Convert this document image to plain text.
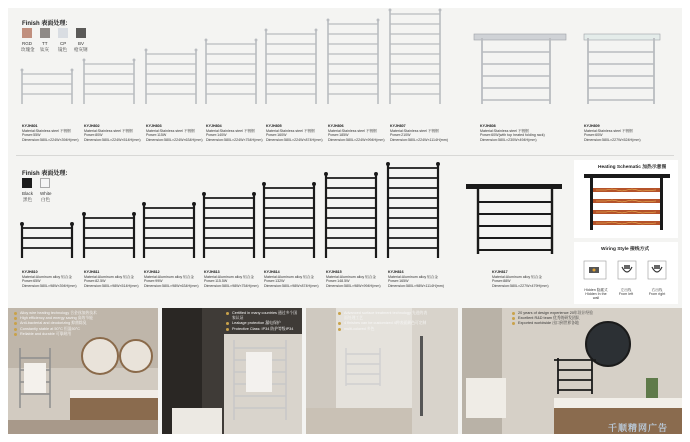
Finish 表面处理:
RGD TT	CP	BV
玫瑰金 钛灰 镜色 枪灰钢
KYJH801
Material:Stainless steel 不锈钢
Power:55W
Dimension:580L×224W×394H(mm)
KYJH802
Material:Stainless steel 不锈钢
Power:80W
Dimension:580L×224W×514H(mm)
KYJH803
Material:Stainless steel 不锈钢
Power:115W
Dimension:580L×224W×634H(mm)
KYJH804
Material:Stainless steel 不锈钢
Power:140W
Dimension:580L×224W×754H(mm)
KYJH805
Material:Stainless steel 不锈钢
Power:160W
Dimension:580L×224W×874H(mm)
KYJH806
Material:Stainless steel 不锈钢
Power:185W
Dimension:580L×224W×994H(mm)
KYJH807
Material:Stainless steel 不锈钢
Power:210W
Dimension:580L×224W×1114H(mm)
KYJH808
Material:Stainless steel 不锈钢
Power:60W(with top heated folding rack)
Dimension:580L×230W×494H(mm)
KYJH809
Material:Stainless steel 不锈钢
Power:60W
Dimension:580L×227W×524H(mm)
Finish 表面处理:
Black White
黑色 白色
KYJH810
Material:Aluminum alloy 铝合金
Power:65W
Dimension:580L×98W×394H(mm)
KYJH811
Material:Aluminum alloy 铝合金
Power:82.5W
Dimension:580L×98W×514H(mm)
KYJH812
Material:Aluminum alloy 铝合金
Power:99W
Dimension:580L×98W×634H(mm)
KYJH813
Material:Aluminum alloy 铝合金
Power:115.5W
Dimension:580L×98W×754H(mm)
KYJH814
Material:Aluminum alloy 铝合金
Power:132W
Dimension:580L×98W×874H(mm)
KYJH815
Material:Aluminum alloy 铝合金
Power:148.5W
Dimension:580L×98W×994H(mm)
KYJH816
Material:Aluminum alloy 铝合金
Power:165W
Dimension:580L×98W×1114H(mm)
KYJH817
Material:Aluminum alloy 铝合金
Power:88W
Dimension:580L×227W×479H(mm)
Heating Schematic 加热示意图
Wiring Style 接线方式
Hidden 隐藏式
Hidden In the wall
左出线
From left
右出线
From right
Alloy wire heating technology 合金丝加热技术
High efficiency and energy saving 高效节能
Anti-bacterial and deodorizing 抑菌除臭
Constantly stable at 50°C 恒温50°C
Reliable and durable 可靠耐用
Certified in many countries 通过多个国家认证
Leakage protection 漏电保护
Protective Class: IP34 防护等级IP34
Advanced surface treatment technology 先进的表面处理工艺
4 finishes can be customized 4种表面颜色可定制
multi-colored 多色
20 years of design experience 20年设计经验
Excellent R&D team 优秀的研发团队
Exported worldwide 出口到世界各地
千顺精网广告
